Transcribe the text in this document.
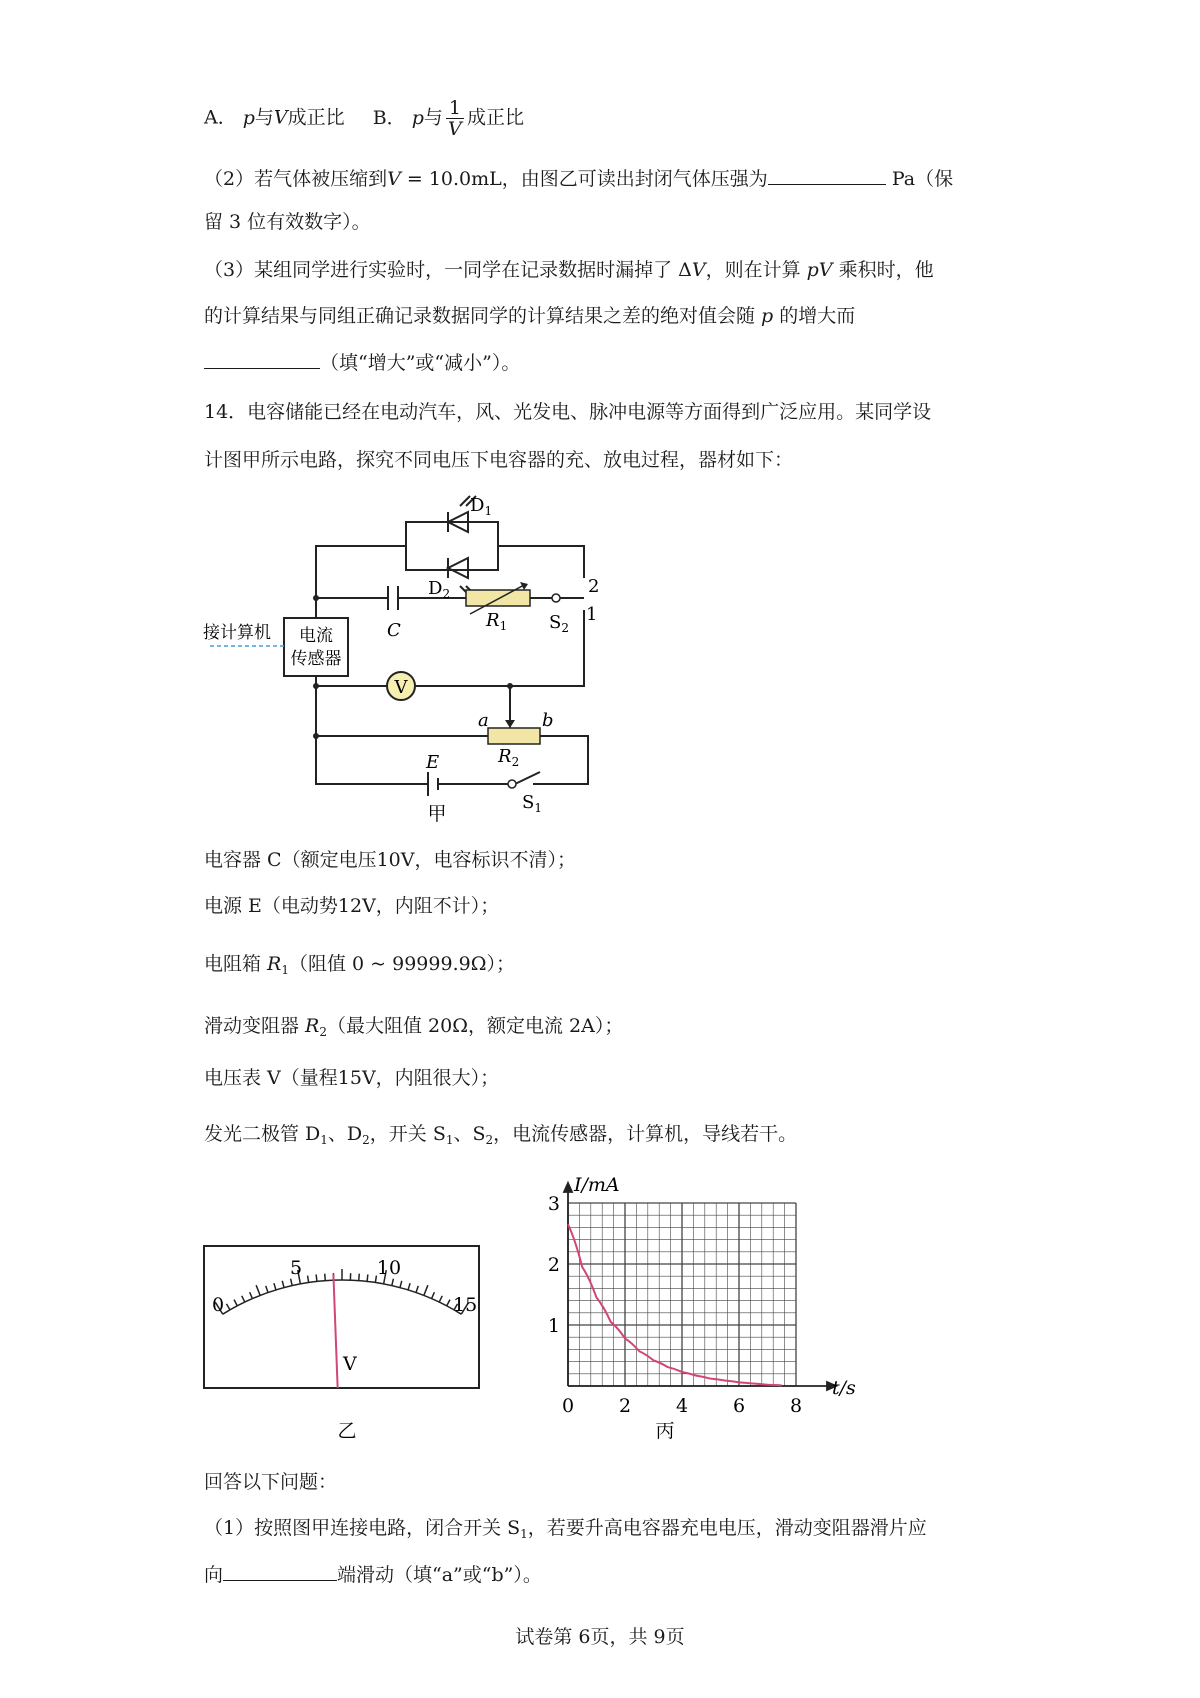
A． p与V成正比 B． p与 $\frac{1}{V}$ 成正比
（2）若气体被压缩到V = 10.0mL，由图乙可读出封闭气体压强为	Pa（保
留 3 位有效数字）。
（3）某组同学进行实验时，一同学在记录数据时漏掉了 ΔV，则在计算 pV 乘积时，他
的计算结果与同组正确记录数据同学的计算结果之差的绝对值会随 p 的增大而
（填“增大”或“减小”）。
14．电容储能已经在电动汽车，风、光发电、脉冲电源等方面得到广泛应用。某同学设
计图甲所示电路，探究不同电压下电容器的充、放电过程，器材如下：
$D_1$
$D_2$
C	$R_1$ $S_2$
2
1
接计算机 电流
传感器
V
a	b
$R_2$
E
$S_1$
甲
电容器 C（额定电压10V，电容标识不清）；
电源 E（电动势12V，内阻不计）；
电阻箱 $R_1$（阻值 0 ~ 99999.9Ω）；
滑动变阻器 $R_2$（最大阻值 20Ω，额定电流 2A）；
电压表 V（量程15V，内阻很大）；
发光二极管 $D_1$、$D_2$，开关 $S_1$、$S_2$，电流传感器，计算机，导线若干。
0
5	10
15
V
乙
0 2 4 6 8
1
2
3
t/s
I/mA
丙
回答以下问题：
（1）按照图甲连接电路，闭合开关 $S_1$，若要升高电容器充电电压，滑动变阻器滑片应
向	端滑动（填“a”或“b”）。
试卷第 6页，共 9页
